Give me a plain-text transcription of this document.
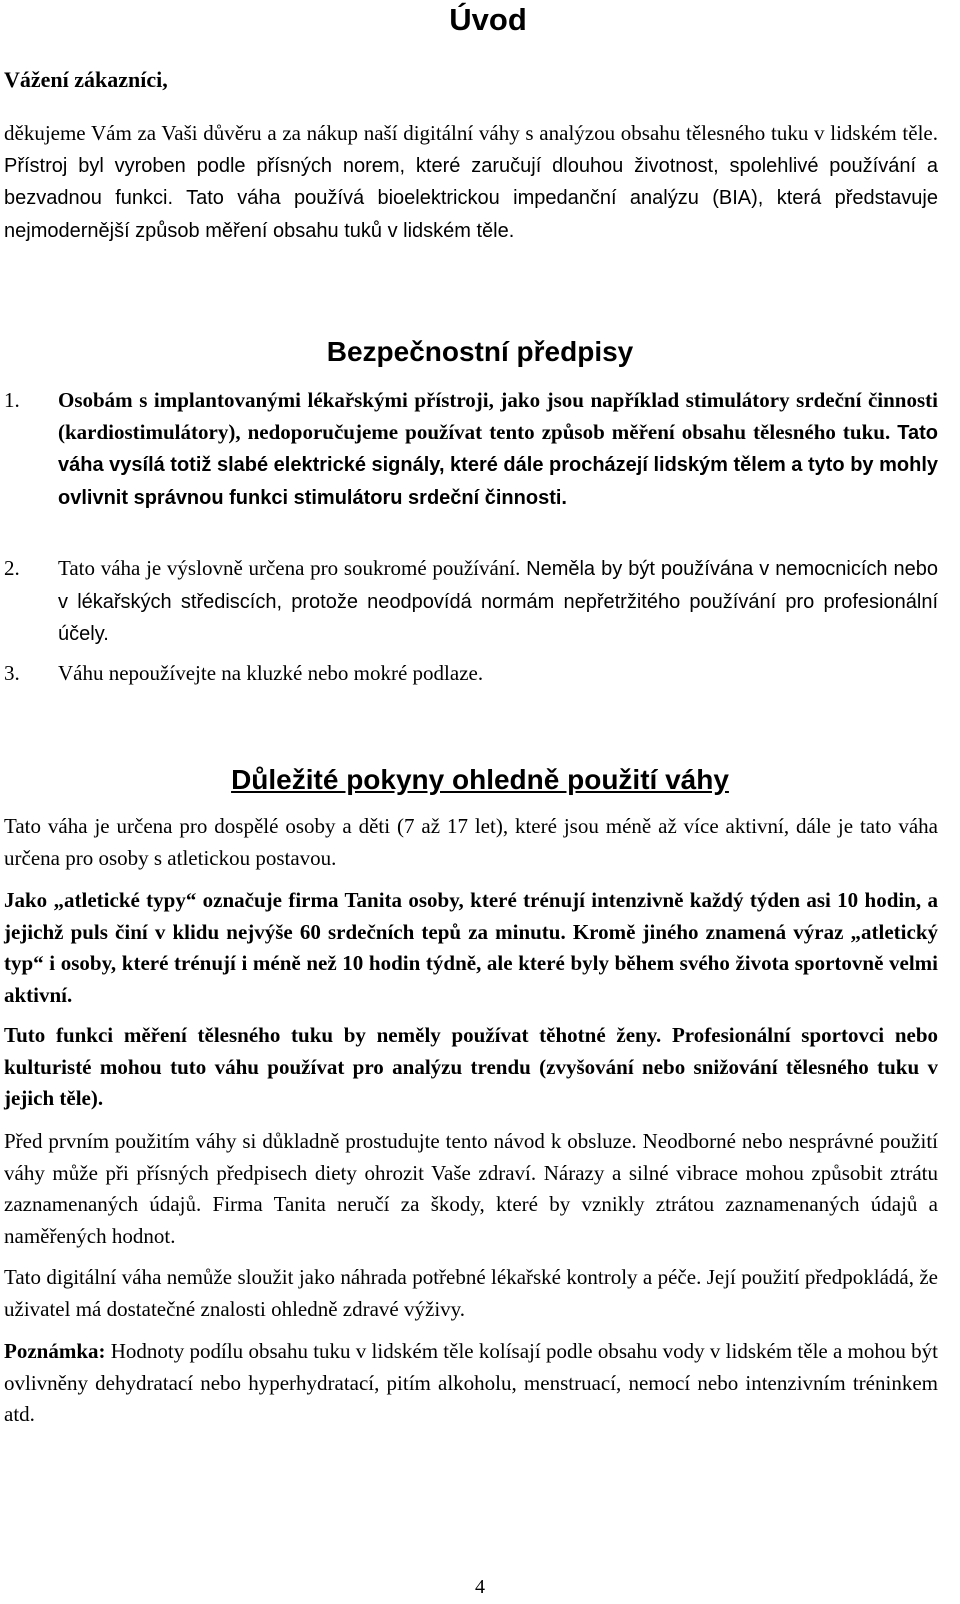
Úvod
Vážení zákazníci,
děkujeme Vám za Vaši důvěru a za nákup naší digitální váhy s analýzou obsahu tělesného tuku v lidském těle. Přístroj byl vyroben podle přísných norem, které zaručují dlouhou životnost, spolehlivé používání a bezvadnou funkci. Tato váha používá bioelektrickou impedanční analýzu (BIA), která představuje nejmodernější způsob měření obsahu tuků v lidském těle.
Bezpečnostní předpisy
1.	Osobám s implantovanými lékařskými přístroji, jako jsou například stimulátory srdeční činnosti (kardiostimulátory), nedoporučujeme používat tento způsob měření obsahu tělesného tuku. Tato váha vysílá totiž slabé elektrické signály, které dále procházejí lidským tělem a tyto by mohly ovlivnit správnou funkci stimulátoru srdeční činnosti.
2.	Tato váha je výslovně určena pro soukromé používání. Neměla by být používána v nemocnicích nebo v lékařských střediscích, protože neodpovídá normám nepřetržitého používání pro profesionální účely.
3.	Váhu nepoužívejte na kluzké nebo mokré podlaze.
Důležité pokyny ohledně použití váhy
Tato váha je určena pro dospělé osoby a děti (7 až 17 let), které jsou méně až více aktivní, dále je tato váha určena pro osoby s atletickou postavou.
Jako „atletické typy“ označuje firma Tanita osoby, které trénují intenzivně každý týden asi 10 hodin, a jejichž puls činí v klidu nejvýše 60 srdečních tepů za minutu. Kromě jiného znamená výraz „atletický typ“ i osoby, které trénují i méně než 10 hodin týdně, ale které byly během svého života sportovně velmi aktivní.
Tuto funkci měření tělesného tuku by neměly používat těhotné ženy. Profesionální sportovci nebo kulturisté mohou tuto váhu používat pro analýzu trendu (zvyšování nebo snižování tělesného tuku v jejich těle).
Před prvním použitím váhy si důkladně prostudujte tento návod k obsluze. Neodborné nebo nesprávné použití váhy může při přísných předpisech diety ohrozit Vaše zdraví. Nárazy a silné vibrace mohou způsobit ztrátu zaznamenaných údajů. Firma Tanita neručí za škody, které by vznikly ztrátou zaznamenaných údajů a naměřených hodnot.
Tato digitální váha nemůže sloužit jako náhrada potřebné lékařské kontroly a péče. Její použití předpokládá, že uživatel má dostatečné znalosti ohledně zdravé výživy.
Poznámka: Hodnoty podílu obsahu tuku v lidském těle kolísají podle obsahu vody v lidském těle a mohou být ovlivněny dehydratací nebo hyperhydratací, pitím alkoholu, menstruací, nemocí nebo intenzivním tréninkem atd.
4
